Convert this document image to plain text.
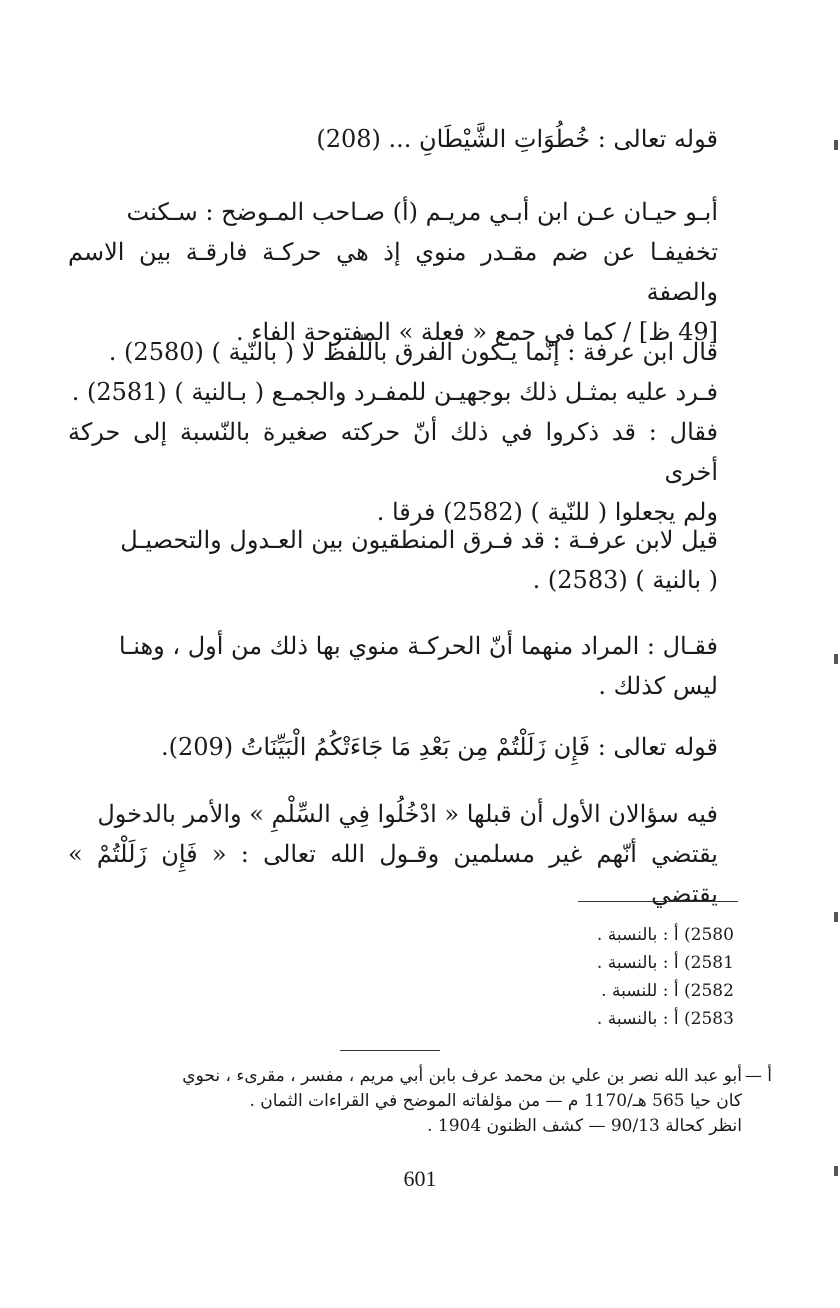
قوله تعالى : خُطُوَاتِ الشَّيْطَانِ ... (208)

أبـو حيـان عـن ابن أبـي مريـم (أ) صـاحب المـوضح : سـكنت

تخفيفـا عن ضم مقـدر منوي إذ هي حركـة فارقـة بين الاسم والصفة

[49 ظ] / كما في جمع « فعلة » المفتوحة الفاء .

قال ابن عرفة : إنّما يـكون الفرق باللّفظ لا ( بالنّية ) (2580) .

فـرد عليه بمثـل ذلك بوجهيـن للمفـرد والجمـع ( بـالنية ) (2581) .

فقال : قد ذكروا في ذلك أنّ حركته صغيرة بالنّسبة إلى حركة أخرى

ولم يجعلوا ( للنّية ) (2582) فرقا .

قيل لابن عرفـة : قد فـرق المنطقيون بين العـدول والتحصيـل

( بالنية ) (2583) .

فقـال : المراد منهما أنّ الحركـة منوي بها ذلك من أول ، وهنـا

ليس كذلك .

قوله تعالى : فَإِن زَلَلْتُمْ مِن بَعْدِ مَا جَاءَتْكُمُ الْبَيِّنَاتُ (209).

فيه سؤالان الأول أن قبلها « ادْخُلُوا فِي السِّلْمِ » والأمر بالدخول

يقتضي أنّهم غير مسلمين وقـول الله تعالى : « فَإِن زَلَلْتُمْ » يقتضي

(2580 أ : بالنسبة .
(2581 أ : بالنسبة .
(2582 أ : للنسبة .
(2583 أ : بالنسبة .
أ —

أبو عبد الله نصر بن علي بن محمد عرف بابن أبي مريم ، مفسر ، مقرىء ، نحوي

كان حيا 565 هـ/1170 م — من مؤلفاته الموضح في القراءات الثمان .

انظر كحالة 90/13 — كشف الظنون 1904 .

601
